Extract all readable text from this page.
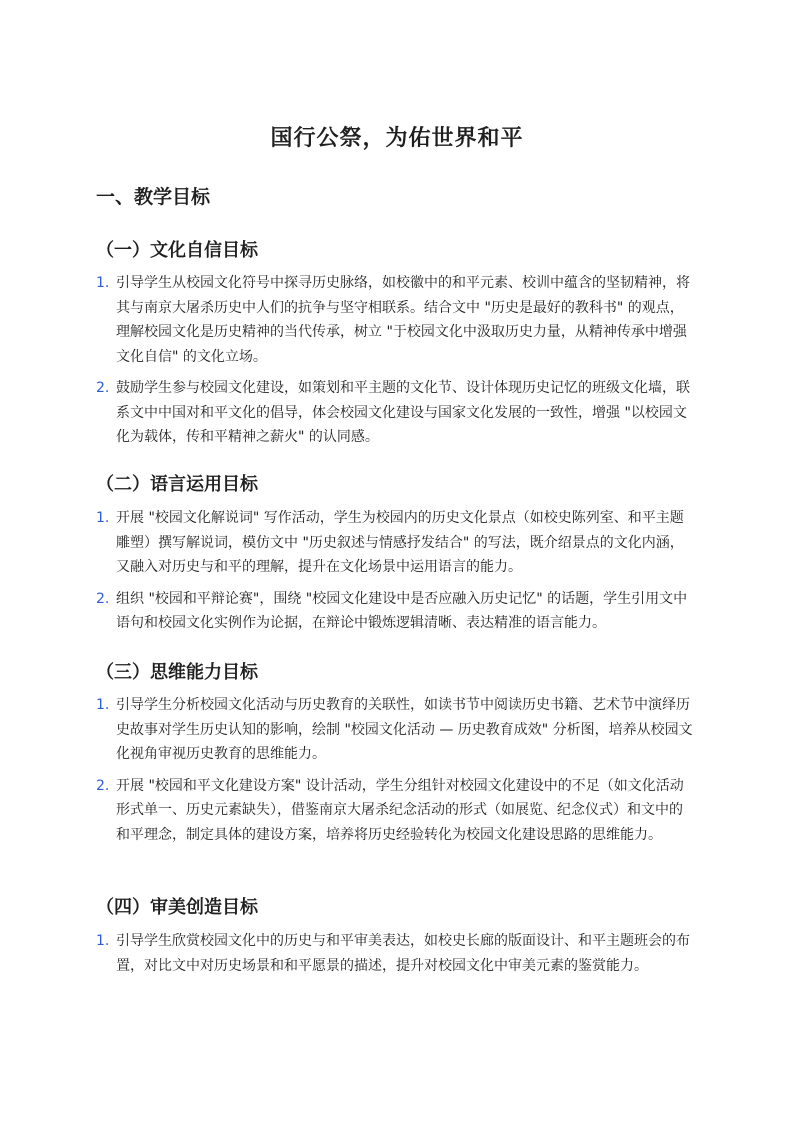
国行公祭，为佑世界和平
一、教学目标
（一）文化自信目标
1. 引导学生从校园文化符号中探寻历史脉络，如校徽中的和平元素、校训中蕴含的坚韧精神，将其与南京大屠杀历史中人们的抗争与坚守相联系。结合文中 "历史是最好的教科书" 的观点，理解校园文化是历史精神的当代传承，树立 "于校园文化中汲取历史力量，从精神传承中增强文化自信" 的文化立场。
2. 鼓励学生参与校园文化建设，如策划和平主题的文化节、设计体现历史记忆的班级文化墙，联系文中中国对和平文化的倡导，体会校园文化建设与国家文化发展的一致性，增强 "以校园文化为载体，传和平精神之薪火" 的认同感。
（二）语言运用目标
1. 开展 "校园文化解说词" 写作活动，学生为校园内的历史文化景点（如校史陈列室、和平主题雕塑）撰写解说词，模仿文中 "历史叙述与情感抒发结合" 的写法，既介绍景点的文化内涵，又融入对历史与和平的理解，提升在文化场景中运用语言的能力。
2. 组织 "校园和平辩论赛"，围绕 "校园文化建设中是否应融入历史记忆" 的话题，学生引用文中语句和校园文化实例作为论据，在辩论中锻炼逻辑清晰、表达精准的语言能力。
（三）思维能力目标
1. 引导学生分析校园文化活动与历史教育的关联性，如读书节中阅读历史书籍、艺术节中演绎历史故事对学生历史认知的影响，绘制 "校园文化活动 — 历史教育成效" 分析图，培养从校园文化视角审视历史教育的思维能力。
2. 开展 "校园和平文化建设方案" 设计活动，学生分组针对校园文化建设中的不足（如文化活动形式单一、历史元素缺失），借鉴南京大屠杀纪念活动的形式（如展览、纪念仪式）和文中的和平理念，制定具体的建设方案，培养将历史经验转化为校园文化建设思路的思维能力。
（四）审美创造目标
1. 引导学生欣赏校园文化中的历史与和平审美表达，如校史长廊的版面设计、和平主题班会的布置，对比文中对历史场景和和平愿景的描述，提升对校园文化中审美元素的鉴赏能力。
